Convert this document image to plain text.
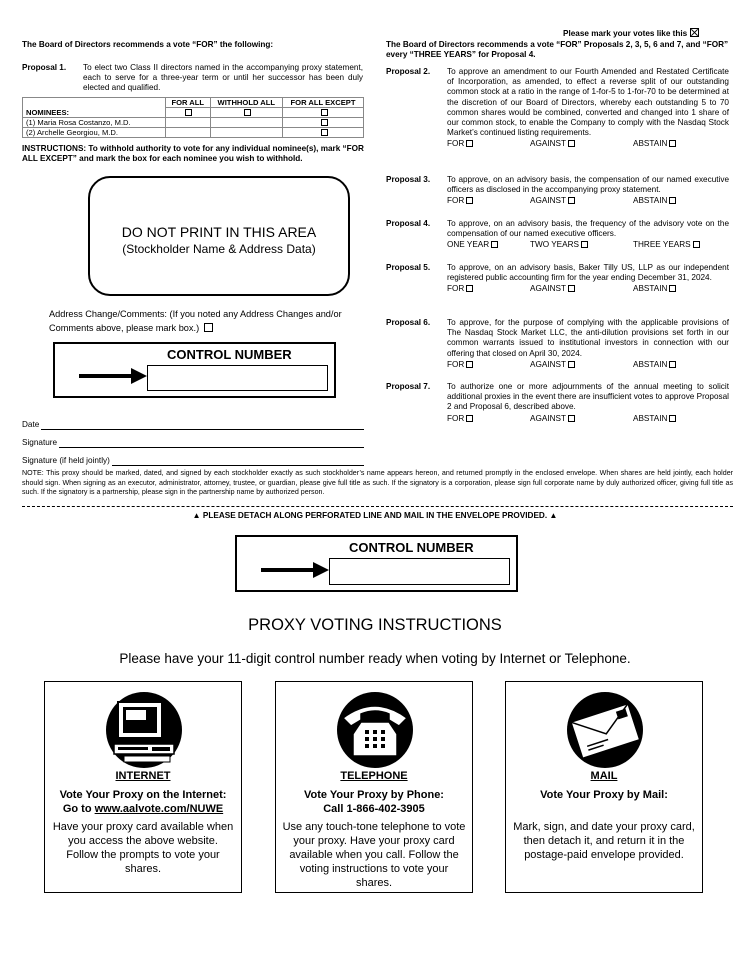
Please mark your votes like this
The Board of Directors recommends a vote “FOR” the following:
Proposal 1. To elect two Class II directors named in the accompanying proxy statement, each to serve for a three-year term or until her successor has been duly elected and qualified.

	FOR ALL	WITHHOLD ALL	FOR ALL EXCEPT

NOMINEES:			
(1) Maria Rosa Costanzo, M.D.			
(2) Archelle Georgiou, M.D.			
INSTRUCTIONS: To withhold authority to vote for any individual nominee(s), mark “FOR ALL EXCEPT” and mark the box for each nominee you wish to withhold.
DO NOT PRINT IN THIS AREA
(Stockholder Name & Address Data)
Address Change/Comments: (If you noted any Address Changes and/or Comments above, please mark box.)
CONTROL NUMBER
Date
Signature
Signature (if held jointly)
The Board of Directors recommends a vote “FOR” Proposals 2, 3, 5, 6 and 7, and “FOR” every “THREE YEARS” for Proposal 4.
Proposal 2. To approve an amendment to our Fourth Amended and Restated Certificate of Incorporation, as amended, to effect a reverse split of our outstanding common stock at a ratio in the range of 1-for-5 to 1-for-70 to be determined at the discretion of our Board of Directors, whereby each outstanding 5 to 70 common shares would be combined, converted and changed into 1 share of our common stock, to enable the Company to comply with the Nasdaq Stock Market’s continued listing requirements.
FOR	AGAINST	ABSTAIN
Proposal 3. To approve, on an advisory basis, the compensation of our named executive officers as disclosed in the accompanying proxy statement.
FOR	AGAINST	ABSTAIN
Proposal 4. To approve, on an advisory basis, the frequency of the advisory vote on the compensation of our named executive officers.
ONE YEAR	TWO YEARS	THREE YEARS
Proposal 5. To approve, on an advisory basis, Baker Tilly US, LLP as our independent registered public accounting firm for the year ending December 31, 2024.
FOR	AGAINST	ABSTAIN
Proposal 6. To approve, for the purpose of complying with the applicable provisions of The Nasdaq Stock Market LLC, the anti-dilution provisions set forth in our common warrants issued to institutional investors in connection with our offering that closed on April 30, 2024.
FOR	AGAINST	ABSTAIN
Proposal 7. To authorize one or more adjournments of the annual meeting to solicit additional proxies in the event there are insufficient votes to approve Proposal 2 and Proposal 6, described above.
FOR	AGAINST	ABSTAIN
NOTE: This proxy should be marked, dated, and signed by each stockholder exactly as such stockholder’s name appears hereon, and returned promptly in the enclosed envelope. When shares are held jointly, each holder should sign. When signing as an executor, administrator, attorney, trustee, or guardian, please give full title as such. If the signatory is a corporation, please sign full corporate name by duly authorized officer, giving full title as such. If the signatory is a partnership, please sign in the partnership name by authorized person.
▲ PLEASE DETACH ALONG PERFORATED LINE AND MAIL IN THE ENVELOPE PROVIDED. ▲
CONTROL NUMBER
PROXY VOTING INSTRUCTIONS
Please have your 11-digit control number ready when voting by Internet or Telephone.
INTERNET
Vote Your Proxy on the Internet:
Go to www.aalvote.com/NUWE
Have your proxy card available when you access the above website. Follow the prompts to vote your shares.
TELEPHONE
Vote Your Proxy by Phone:
Call 1-866-402-3905
Use any touch-tone telephone to vote your proxy. Have your proxy card available when you call. Follow the voting instructions to vote your shares.
MAIL
Vote Your Proxy by Mail:
Mark, sign, and date your proxy card, then detach it, and return it in the postage-paid envelope provided.
